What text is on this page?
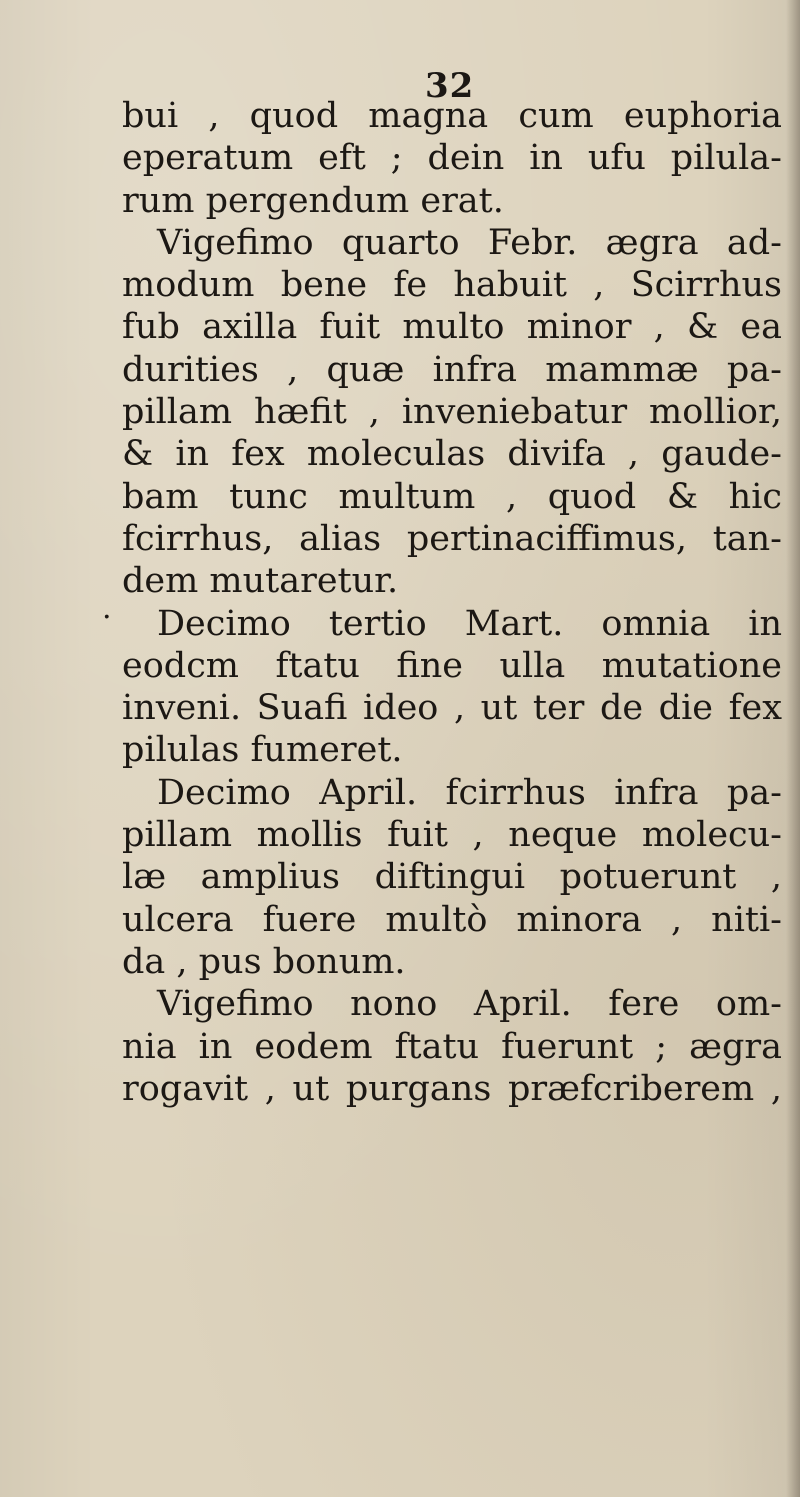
32
.
bui , quod magna cum euphoria
eperatum eft ; dein in ufu pilula-
rum pergendum erat.
Vigefimo quarto Febr. ægra ad-
modum bene fe habuit , Scirrhus
fub axilla fuit multo minor , & ea
durities , quæ infra mammæ pa-
pillam hæfit , inveniebatur mollior,
& in fex moleculas divifa , gaude-
bam tunc multum , quod & hic
fcirrhus, alias pertinaciffimus, tan-
dem mutaretur.
Decimo tertio Mart. omnia in
eodcm ftatu fine ulla mutatione
inveni. Suafi ideo , ut ter de die fex
pilulas fumeret.
Decimo April. fcirrhus infra pa-
pillam mollis fuit , neque molecu-
læ amplius diftingui potuerunt ,
ulcera fuere multò minora , niti-
da , pus bonum.
Vigefimo nono April. fere om-
nia in eodem ftatu fuerunt ; ægra
rogavit , ut purgans præfcriberem ,
